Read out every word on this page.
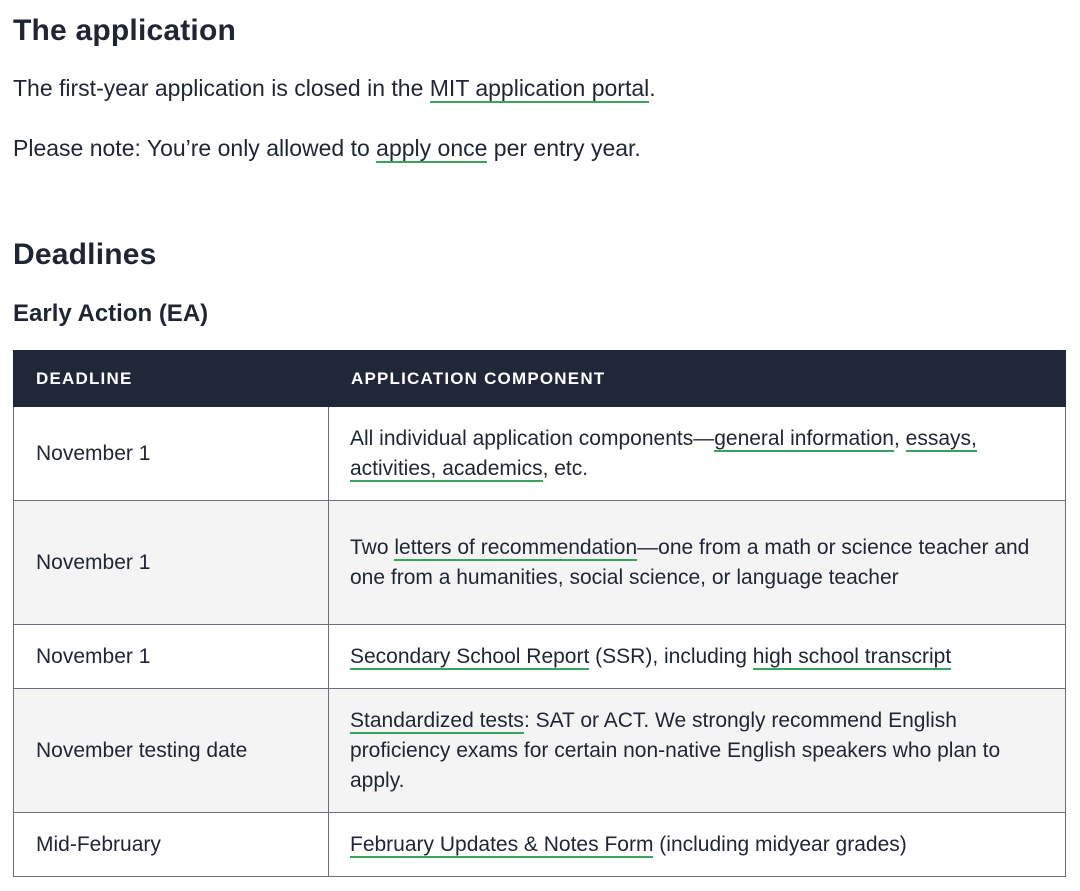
The application

The first-year application is closed in the MIT application portal.

Please note: You’re only allowed to apply once per entry year.

Deadlines
Early Action (EA)
DEADLINE	APPLICATION COMPONENT
November 1	All individual application components—general information, essays, activities, academics, etc.
November 1	Two letters of recommendation—one from a math or science teacher and one from a humanities, social science, or language teacher
November 1	Secondary School Report (SSR), including high school transcript
November testing date	Standardized tests: SAT or ACT. We strongly recommend English proficiency exams for certain non-native English speakers who plan to apply.
Mid-February	February Updates & Notes Form (including midyear grades)
